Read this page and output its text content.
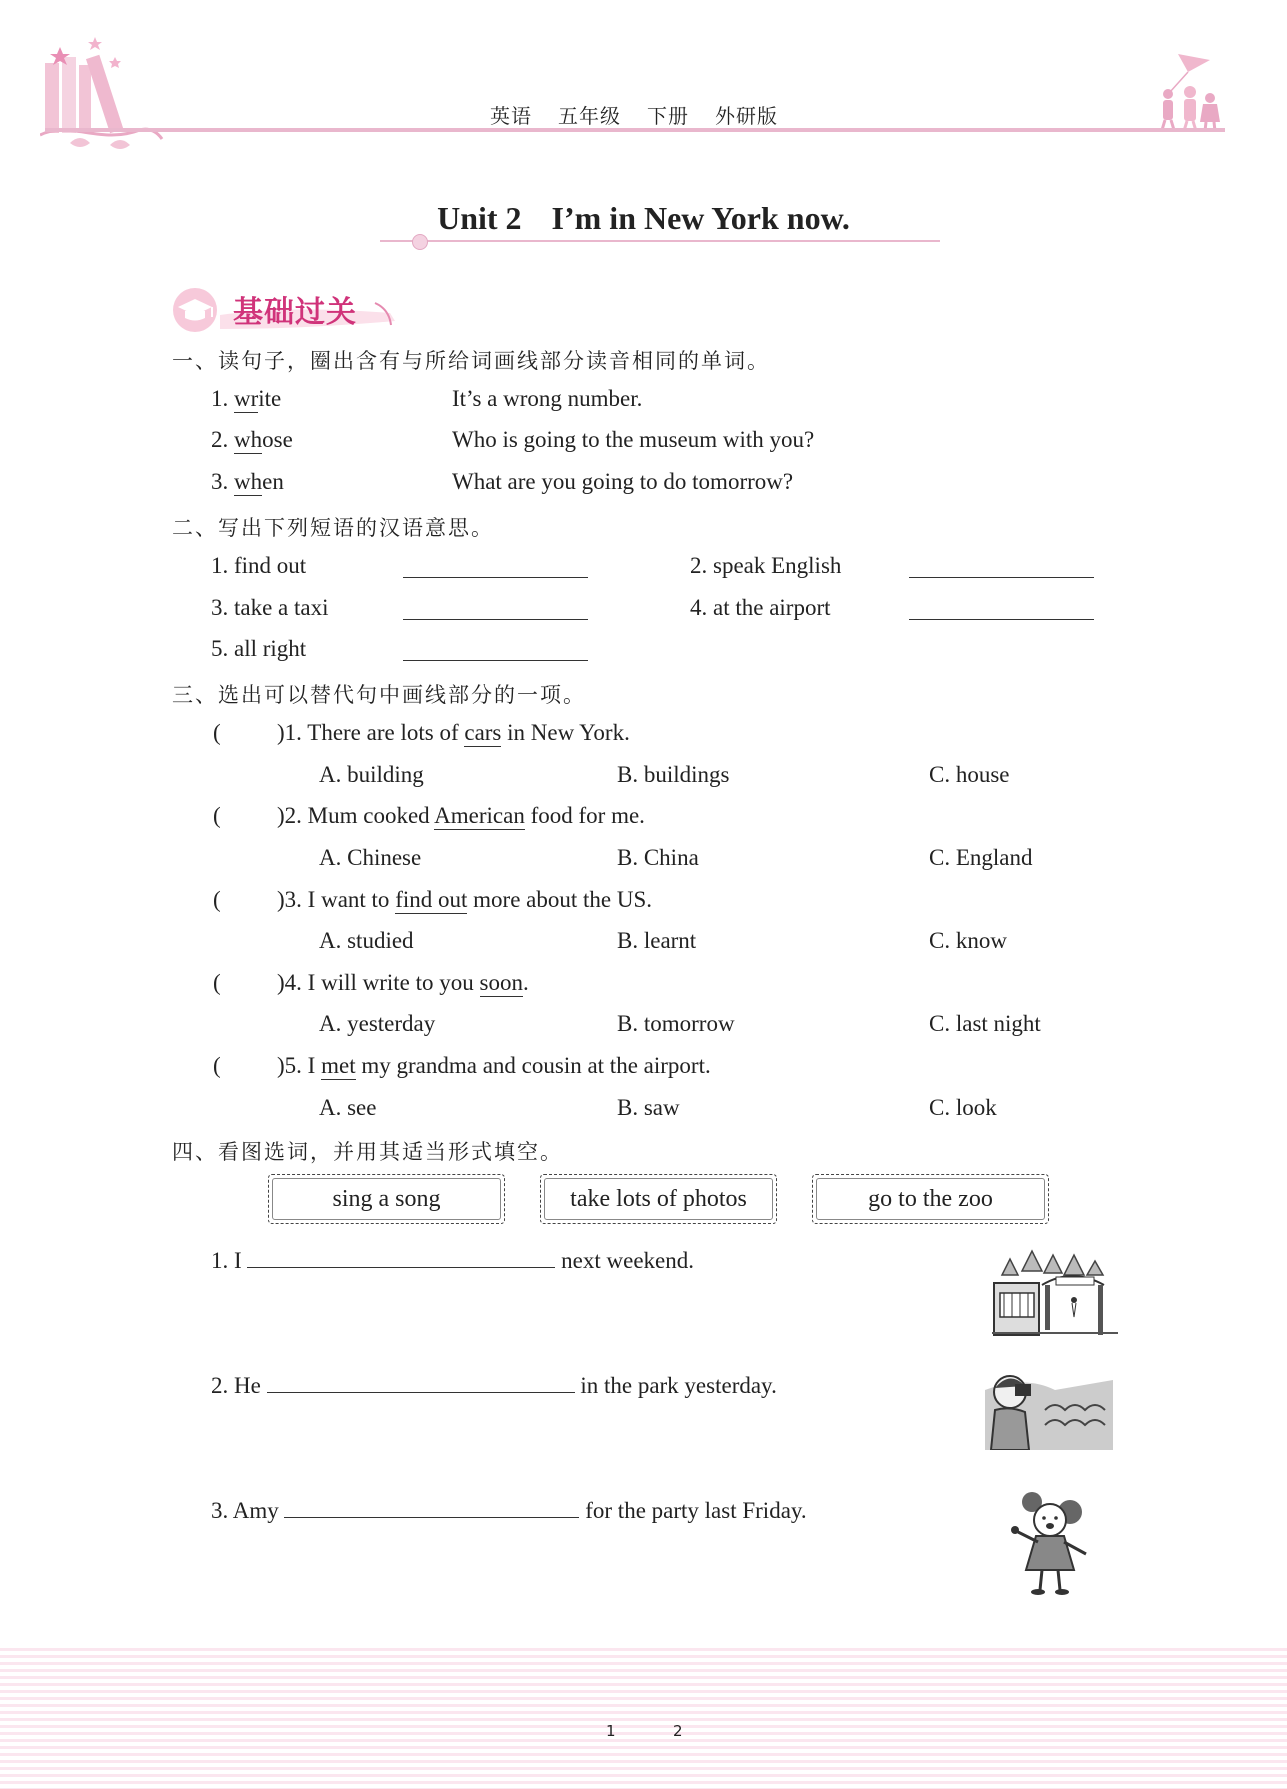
英语 五年级 下册 外研版
Unit 2 I’m in New York now.
基础过关
一、读句子，圈出含有与所给词画线部分读音相同的单词。
1. write	It’s a wrong number.
2. whose	Who is going to the museum with you?
3. when	What are you going to do tomorrow?
二、写出下列短语的汉语意思。
1. find out	2. speak English
3. take a taxi	4. at the airport
5. all right
三、选出可以替代句中画线部分的一项。
( )1. There are lots of cars in New York.
A. building	B. buildings	C. house
( )2. Mum cooked American food for me.
A. Chinese	B. China	C. England
( )3. I want to find out more about the US.
A. studied	B. learnt	C. know
( )4. I will write to you soon.
A. yesterday	B. tomorrow	C. last night
( )5. I met my grandma and cousin at the airport.
A. see	B. saw	C. look
四、看图选词，并用其适当形式填空。
sing a song	take lots of photos	go to the zoo
1. I	next weekend.
2. He	in the park yesterday.
3. Amy	for the party last Friday.
1	2
